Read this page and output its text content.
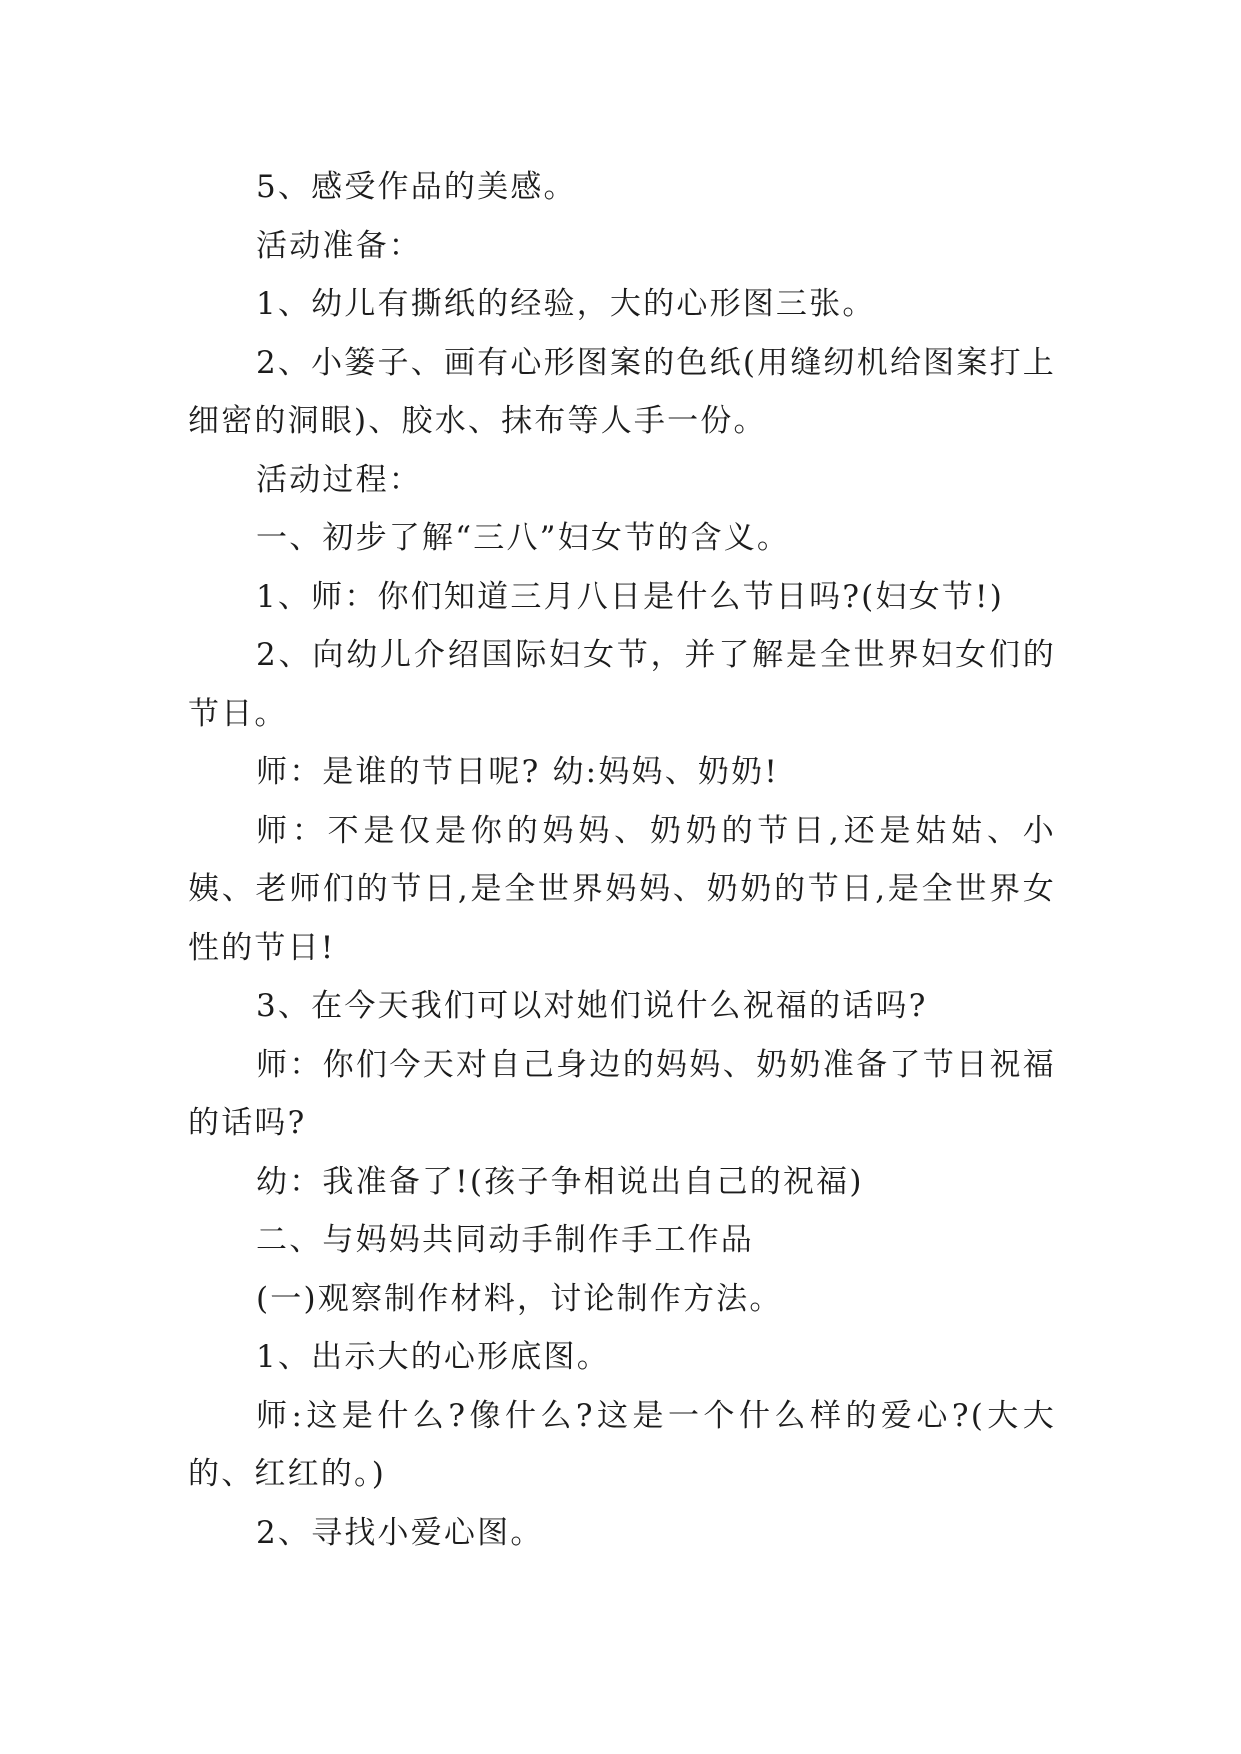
5、感受作品的美感。

活动准备：

1、幼儿有撕纸的经验，大的心形图三张。

2、小篓子、画有心形图案的色纸(用缝纫机给图案打上细密的洞眼)、胶水、抹布等人手一份。

活动过程：

一、初步了解“三八”妇女节的含义。

1、师：你们知道三月八日是什么节日吗?(妇女节!)

2、向幼儿介绍国际妇女节，并了解是全世界妇女们的节日。

师：是谁的节日呢? 幼:妈妈、奶奶!

师：不是仅是你的妈妈、奶奶的节日,还是姑姑、小姨、老师们的节日,是全世界妈妈、奶奶的节日,是全世界女性的节日!

3、在今天我们可以对她们说什么祝福的话吗?

师：你们今天对自己身边的妈妈、奶奶准备了节日祝福的话吗?

幼：我准备了!(孩子争相说出自己的祝福)

二、与妈妈共同动手制作手工作品

(一)观察制作材料，讨论制作方法。

1、出示大的心形底图。

师:这是什么?像什么?这是一个什么样的爱心?(大大的、红红的。)

2、寻找小爱心图。
